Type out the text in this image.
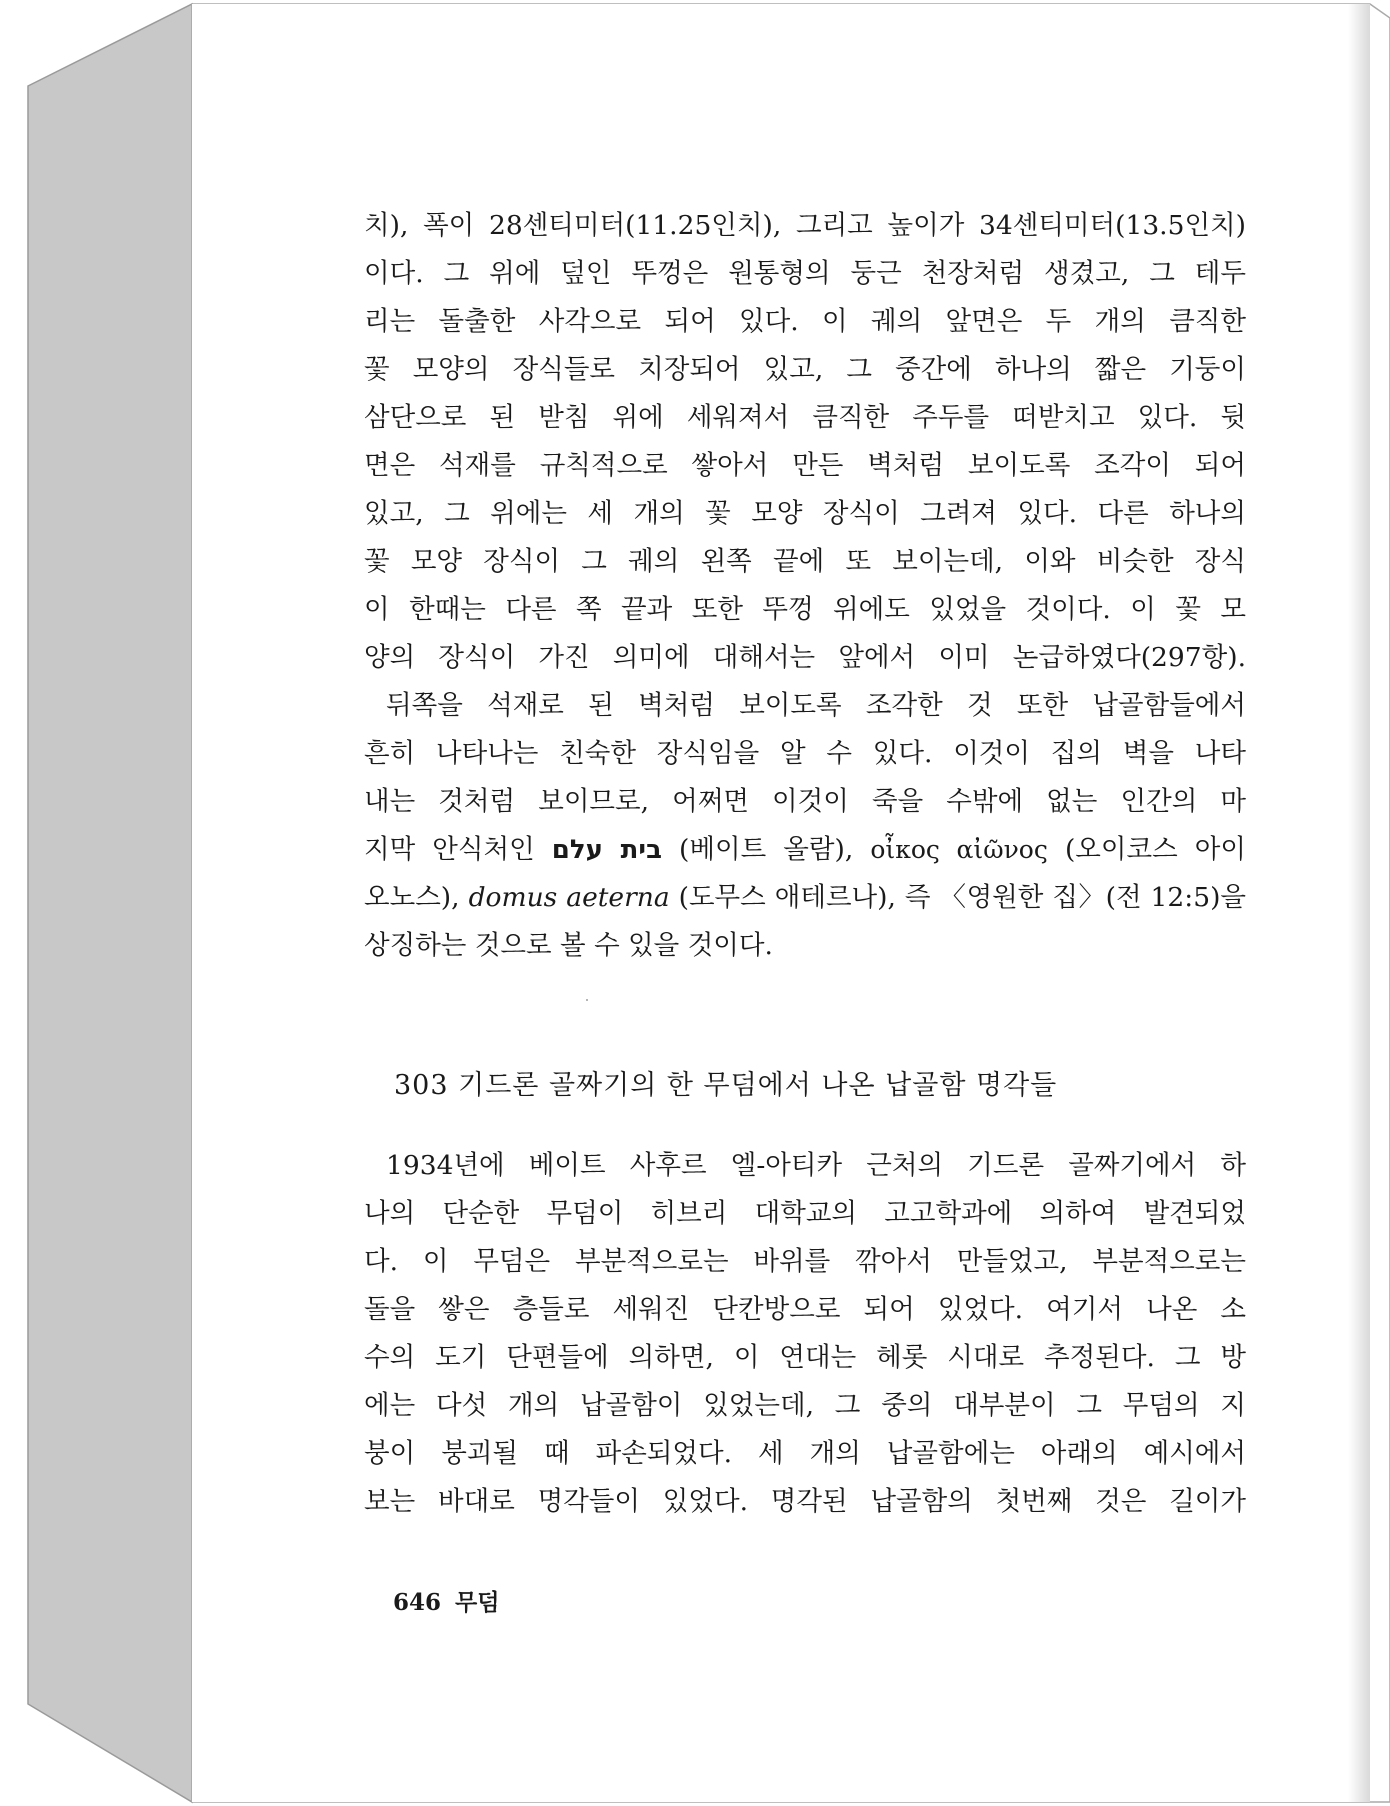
치), 폭이 28센티미터(11.25인치), 그리고 높이가 34센티미터(13.5인치)
이다. 그 위에 덮인 뚜껑은 원통형의 둥근 천장처럼 생겼고, 그 테두
리는 돌출한 사각으로 되어 있다. 이 궤의 앞면은 두 개의 큼직한
꽃 모양의 장식들로 치장되어 있고, 그 중간에 하나의 짧은 기둥이
삼단으로 된 받침 위에 세워져서 큼직한 주두를 떠받치고 있다. 뒷
면은 석재를 규칙적으로 쌓아서 만든 벽처럼 보이도록 조각이 되어
있고, 그 위에는 세 개의 꽃 모양 장식이 그려져 있다. 다른 하나의
꽃 모양 장식이 그 궤의 왼쪽 끝에 또 보이는데, 이와 비슷한 장식
이 한때는 다른 쪽 끝과 또한 뚜껑 위에도 있었을 것이다. 이 꽃 모
양의 장식이 가진 의미에 대해서는 앞에서 이미 논급하였다(297항).
뒤쪽을 석재로 된 벽처럼 보이도록 조각한 것 또한 납골함들에서
흔히 나타나는 친숙한 장식임을 알 수 있다. 이것이 집의 벽을 나타
내는 것처럼 보이므로, 어쩌면 이것이 죽을 수밖에 없는 인간의 마
지막 안식처인 בית עלם (베이트 올람), οἶκος αἰῶνος (오이코스 아이
오노스), domus aeterna (도무스 애테르나), 즉 〈영원한 집〉(전 12:5)을
상징하는 것으로 볼 수 있을 것이다.
303 기드론 골짜기의 한 무덤에서 나온 납골함 명각들
1934년에 베이트 사후르 엘-아티카 근처의 기드론 골짜기에서 하
나의 단순한 무덤이 히브리 대학교의 고고학과에 의하여 발견되었
다. 이 무덤은 부분적으로는 바위를 깎아서 만들었고, 부분적으로는
돌을 쌓은 층들로 세워진 단칸방으로 되어 있었다. 여기서 나온 소
수의 도기 단편들에 의하면, 이 연대는 헤롯 시대로 추정된다. 그 방
에는 다섯 개의 납골함이 있었는데, 그 중의 대부분이 그 무덤의 지
붕이 붕괴될 때 파손되었다. 세 개의 납골함에는 아래의 예시에서
보는 바대로 명각들이 있었다. 명각된 납골함의 첫번째 것은 길이가
646 무덤
